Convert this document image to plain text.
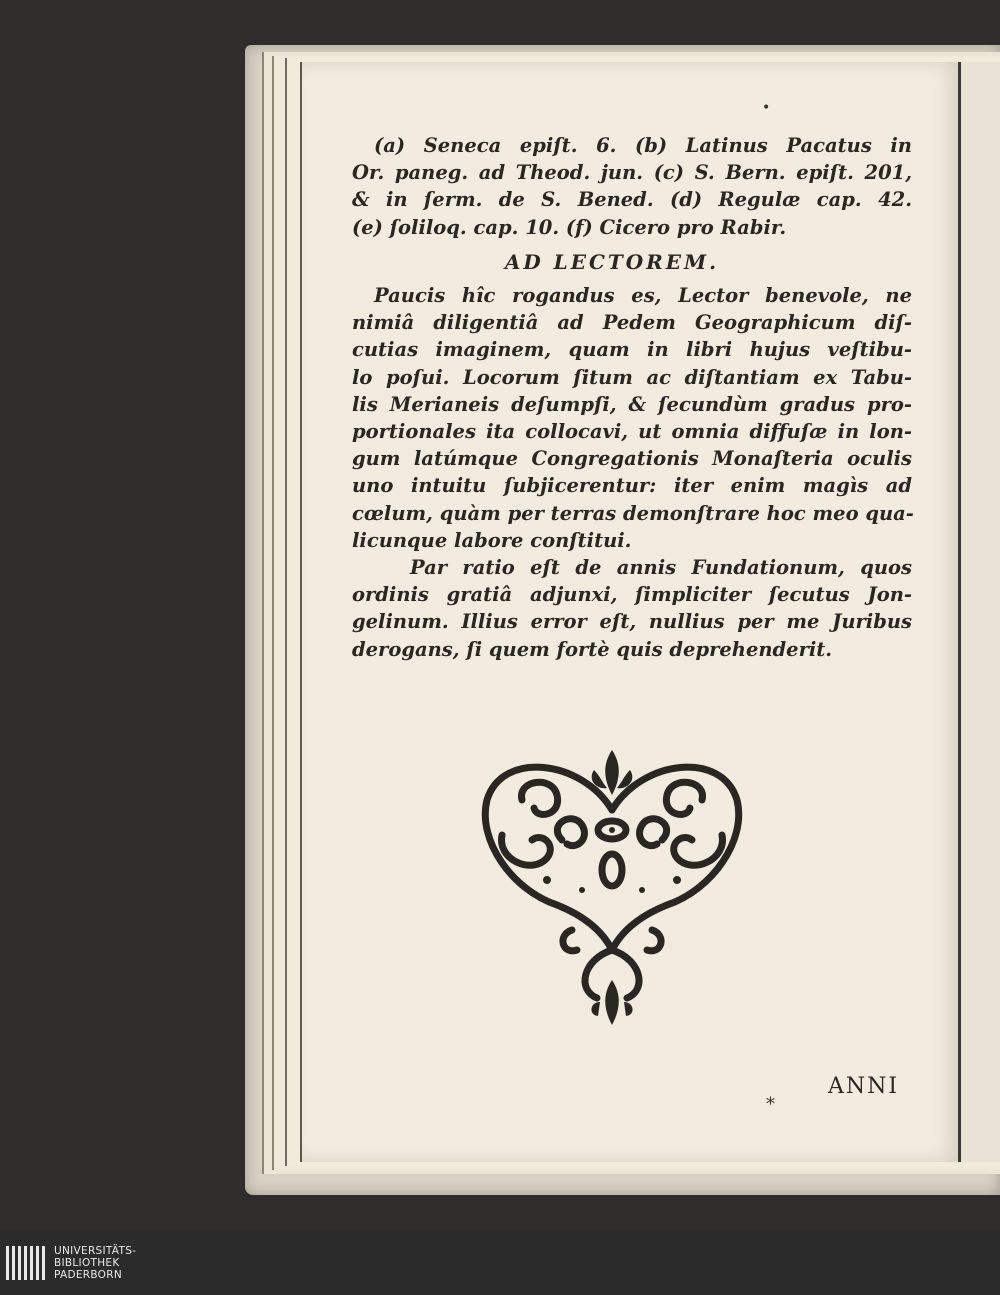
•
(a) Seneca epiſt. 6. (b) Latinus Pacatus in
Or. paneg. ad Theod. jun. (c) S. Bern. epiſt. 201,
& in ſerm. de S. Bened. (d) Regulæ cap. 42.
(e) ſoliloq. cap. 10. (f) Cicero pro Rabir.
AD LECTOREM.
Paucis hîc rogandus es, Lector benevole, ne
nimiâ diligentiâ ad Pedem Geographicum diſ-
cutias imaginem, quam in libri hujus veſtibu-
lo poſui. Locorum ſitum ac diſtantiam ex Tabu-
lis Merianeis deſumpſi, & ſecundùm gradus pro-
portionales ita collocavi, ut omnia diffuſæ in lon-
gum latúmque Congregationis Monaſteria oculis
uno intuitu ſubjicerentur: iter enim magìs ad
cœlum, quàm per terras demonſtrare hoc meo qua-
licunque labore conſtitui.
Par ratio eſt de annis Fundationum, quos
ordinis gratiâ adjunxi, ſimpliciter ſecutus Jon-
gelinum. Illius error eſt, nullius per me Juribus
derogans, ſi quem fortè quis deprehenderit.
ANNI
*
UNIVERSITÄTS-
BIBLIOTHEK
PADERBORN
